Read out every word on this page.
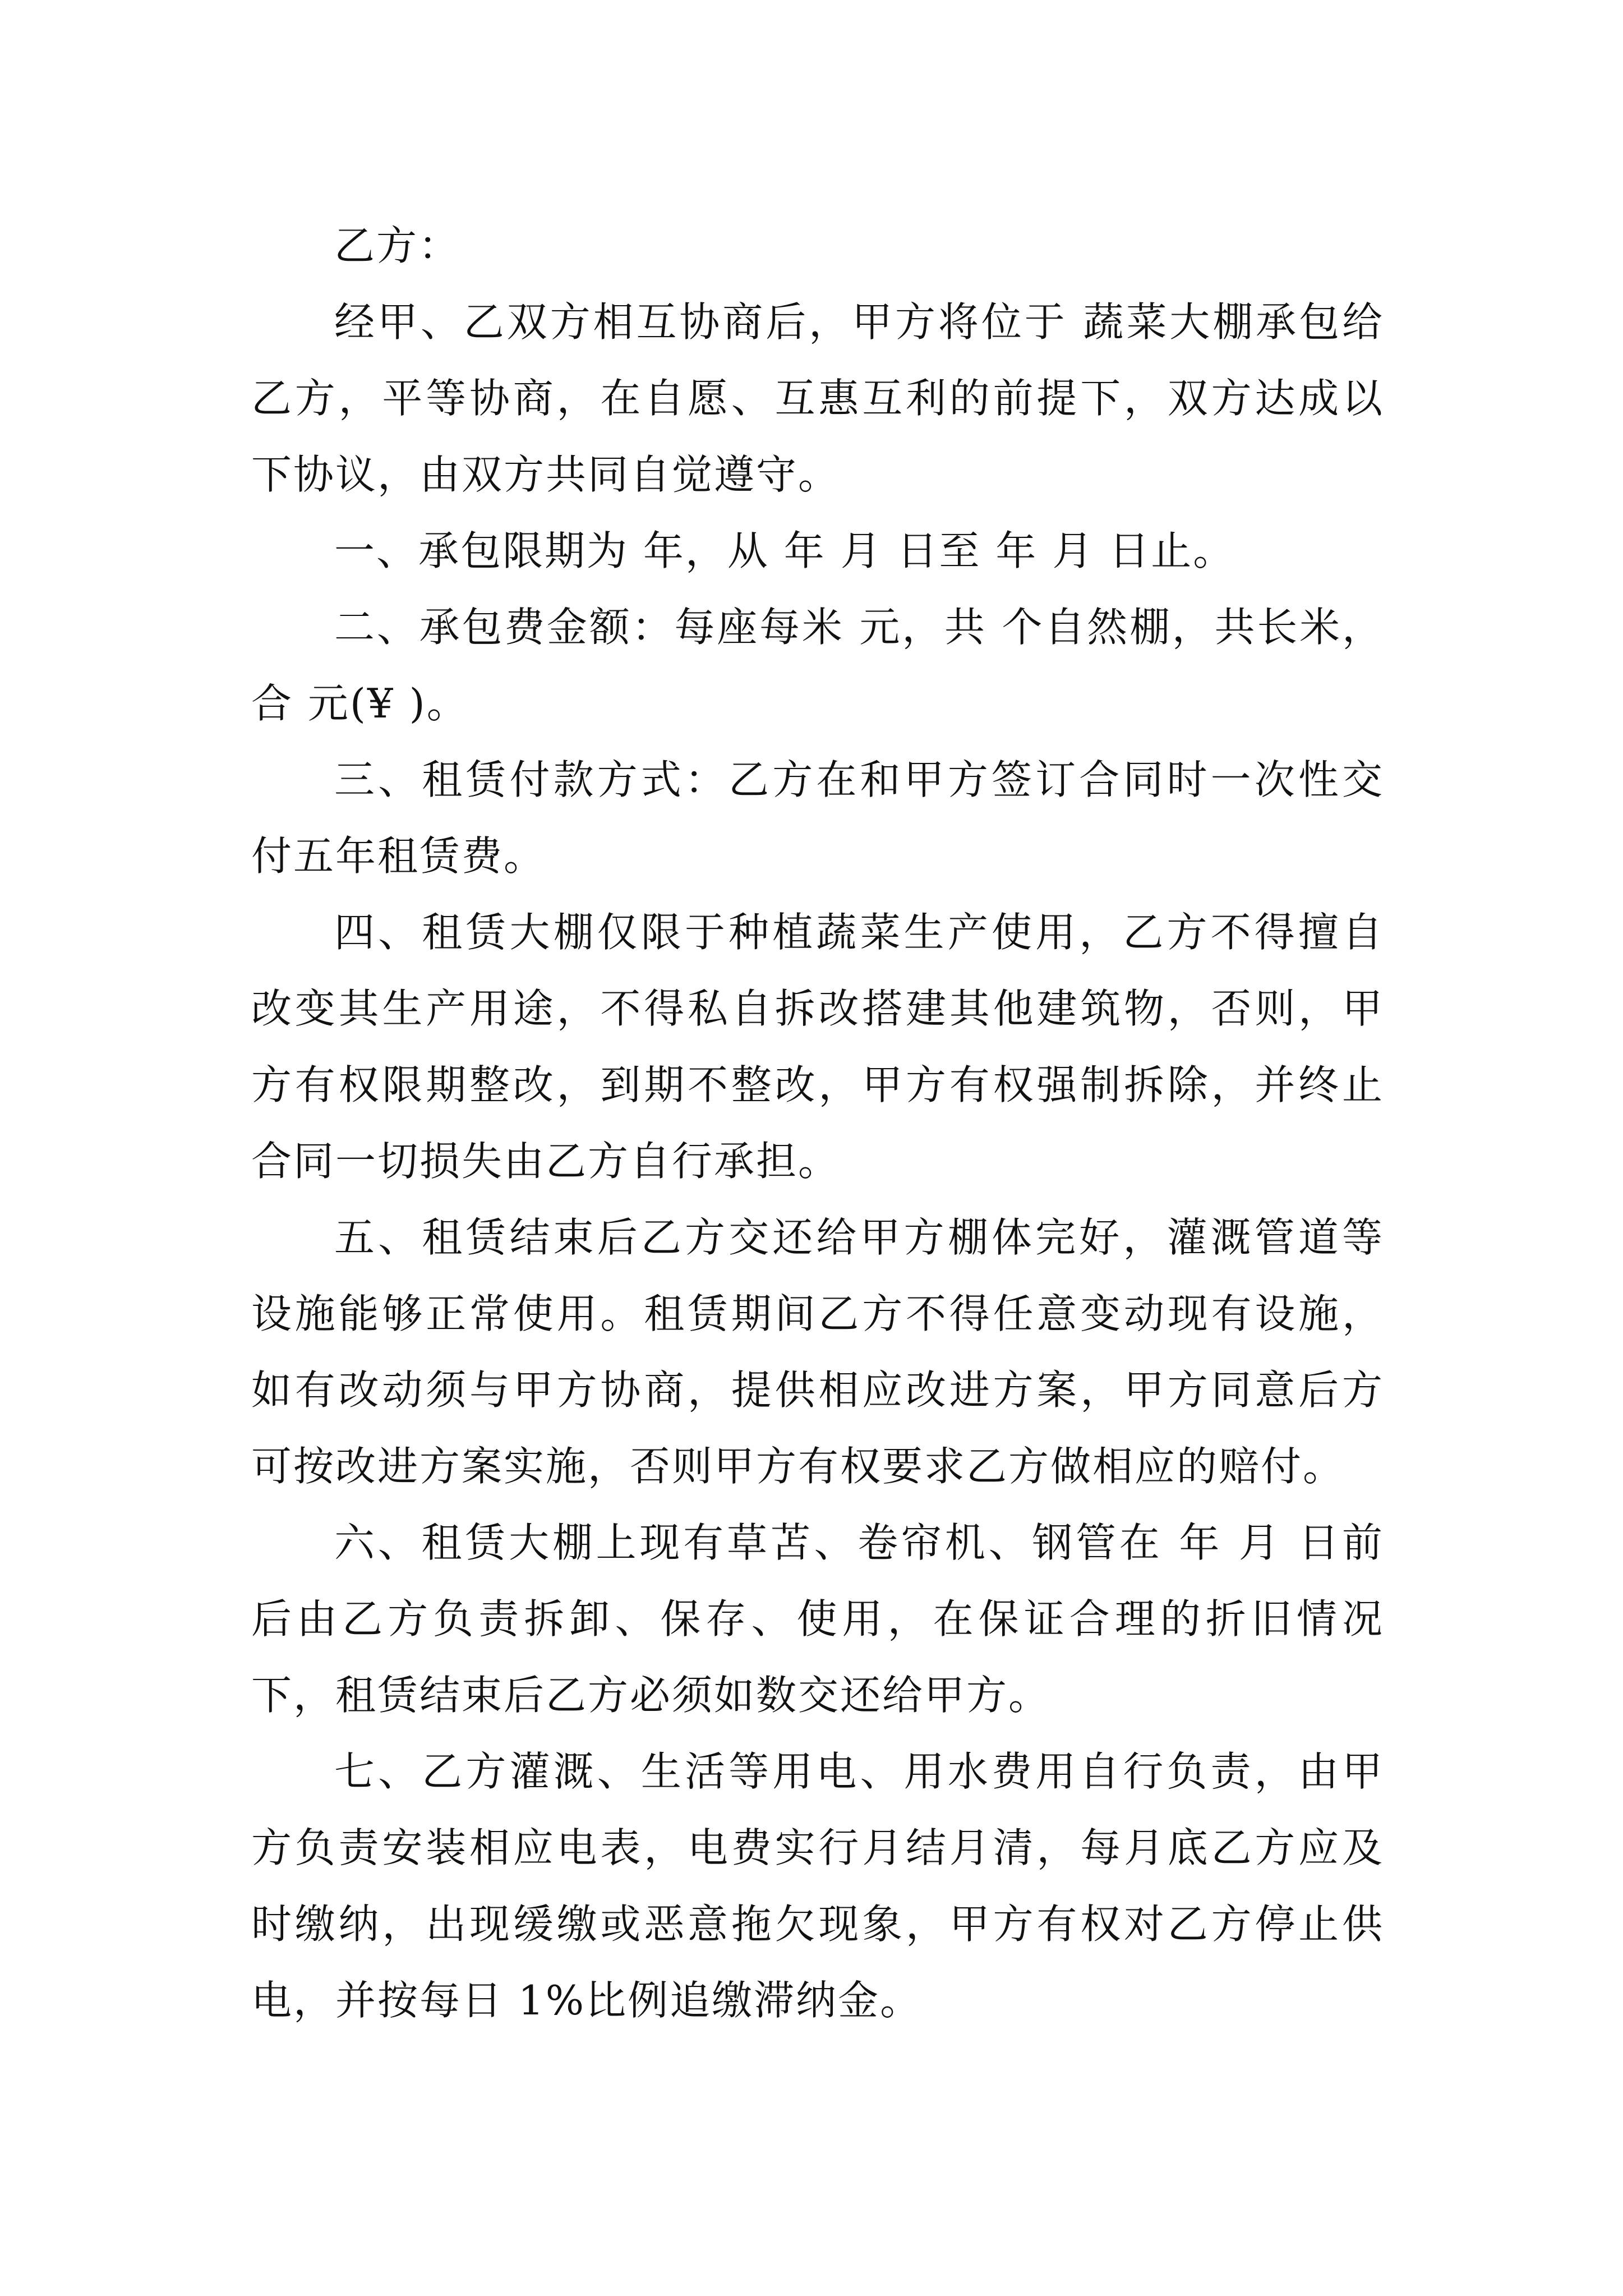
乙方：

经甲、乙双方相互协商后，甲方将位于 蔬菜大棚承包给乙方，平等协商，在自愿、互惠互利的前提下，双方达成以下协议，由双方共同自觉遵守。

一、承包限期为 年，从 年 月 日至 年 月 日止。

二、承包费金额：每座每米 元，共 个自然棚，共长米，合 元(¥ )。

三、租赁付款方式：乙方在和甲方签订合同时一次性交付五年租赁费。

四、租赁大棚仅限于种植蔬菜生产使用，乙方不得擅自改变其生产用途，不得私自拆改搭建其他建筑物，否则，甲方有权限期整改，到期不整改，甲方有权强制拆除，并终止合同一切损失由乙方自行承担。

五、租赁结束后乙方交还给甲方棚体完好，灌溉管道等设施能够正常使用。租赁期间乙方不得任意变动现有设施，如有改动须与甲方协商，提供相应改进方案，甲方同意后方可按改进方案实施，否则甲方有权要求乙方做相应的赔付。

六、租赁大棚上现有草苫、卷帘机、钢管在 年 月 日前后由乙方负责拆卸、保存、使用，在保证合理的折旧情况下，租赁结束后乙方必须如数交还给甲方。

七、乙方灌溉、生活等用电、用水费用自行负责，由甲方负责安装相应电表，电费实行月结月清，每月底乙方应及时缴纳，出现缓缴或恶意拖欠现象，甲方有权对乙方停止供电，并按每日 1%比例追缴滞纳金。
